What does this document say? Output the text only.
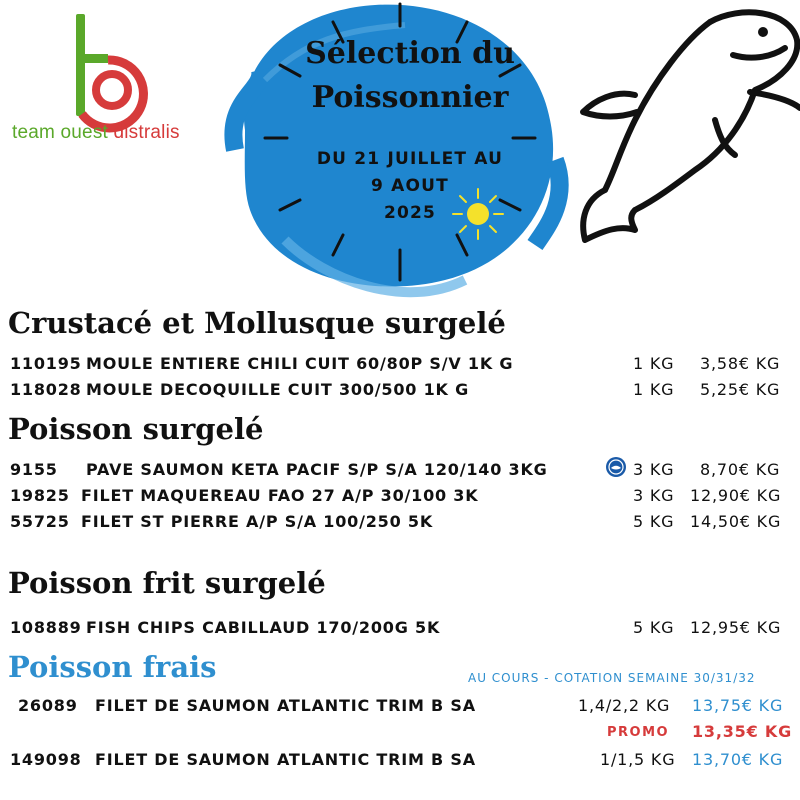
team ouest distralis
Sélection du
Poissonnier
DU 21 JUILLET AU
9 AOUT
2025
Crustacé et Mollusque surgelé
110195 MOULE ENTIERE CHILI CUIT 60/80P S/V 1K G	1 KG 3,58€ KG
118028 MOULE DECOQUILLE CUIT 300/500 1K G	1 KG 5,25€ KG
Poisson surgelé
9155 PAVE SAUMON KETA PACIF S/P S/A 120/140 3KG	3 KG 8,70€ KG
19825 FILET MAQUEREAU FAO 27 A/P 30/100 3K	3 KG 12,90€ KG
55725 FILET ST PIERRE A/P S/A 100/250 5K	5 KG 14,50€ KG
Poisson frit surgelé
108889 FISH CHIPS CABILLAUD 170/200G 5K	5 KG 12,95€ KG
Poisson frais	AU COURS - COTATION SEMAINE 30/31/32
26089 FILET DE SAUMON ATLANTIC TRIM B SA	1,4/2,2 KG 13,75€ KG
PROMO 13,35€ KG
149098 FILET DE SAUMON ATLANTIC TRIM B SA	1/1,5 KG 13,70€ KG
